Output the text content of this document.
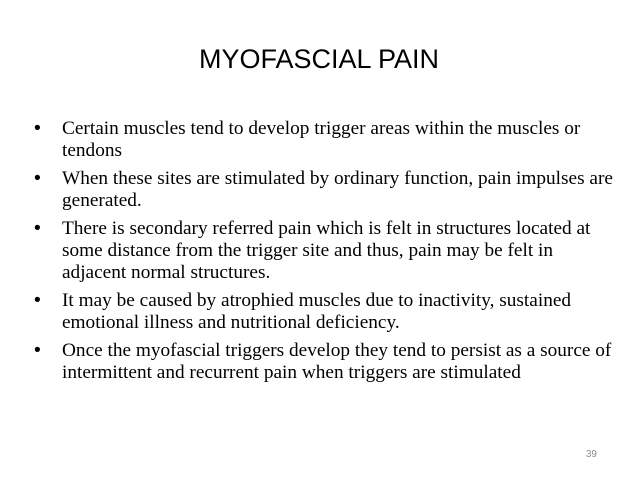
MYOFASCIAL PAIN
• Certain muscles tend to develop trigger areas within the muscles or tendons
• When these sites are stimulated by ordinary function, pain impulses are generated.
• There is secondary referred pain which is felt in structures located at some distance from the trigger site and thus, pain may be felt in adjacent normal structures.
• It may be caused by atrophied muscles due to inactivity, sustained emotional illness and nutritional deficiency.
• Once the myofascial triggers develop they tend to persist as a source of intermittent and recurrent pain when triggers are stimulated
39
